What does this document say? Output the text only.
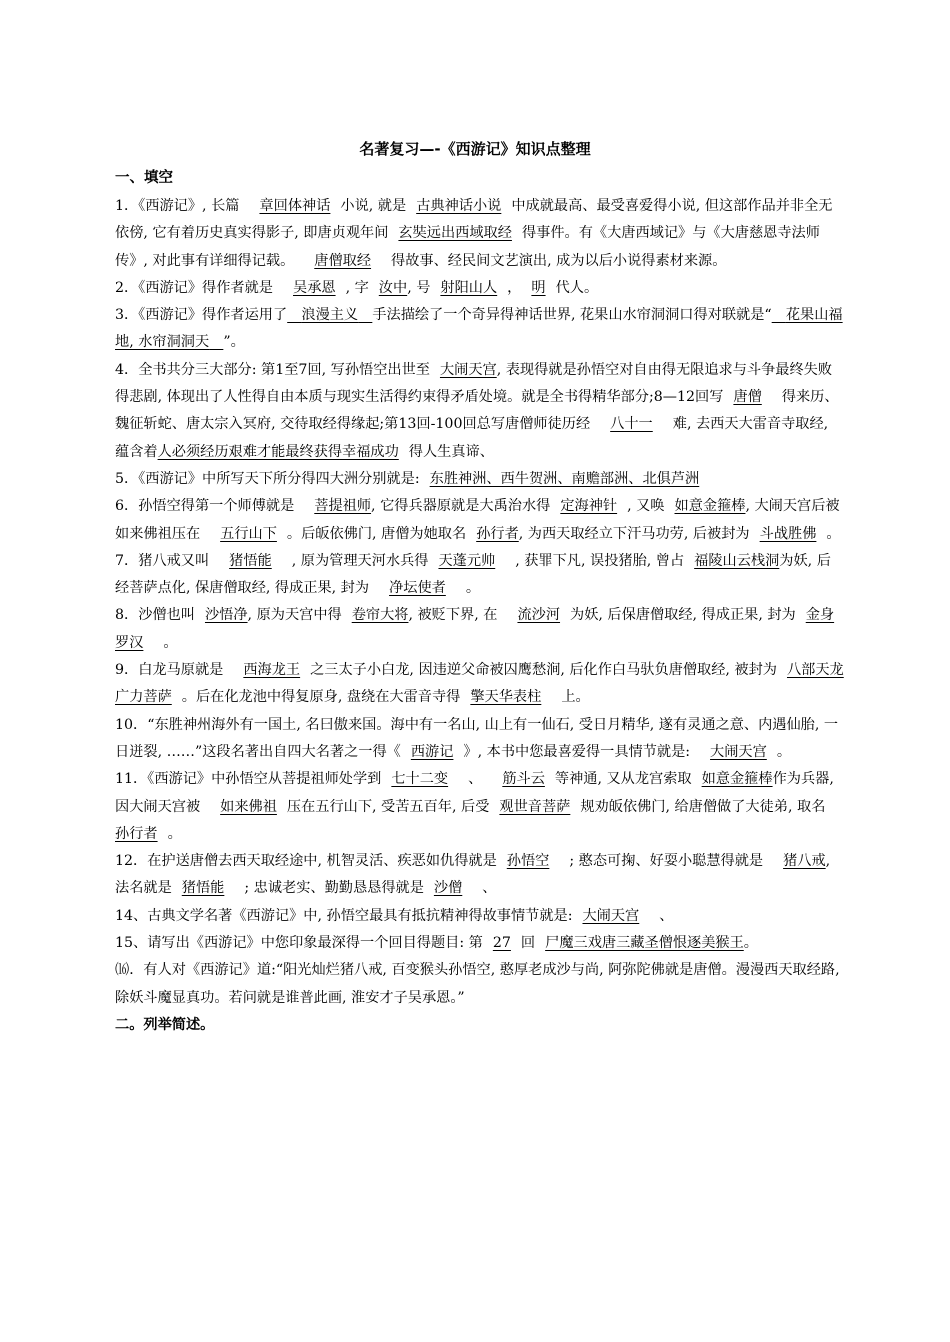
名著复习—-《西游记》知识点整理
一、填空

1．《西游记》, 长篇 章回体神话 小说, 就是 古典神话小说 中成就最高、最受喜爱得小说, 但这部作品并非全无依傍, 它有着历史真实得影子, 即唐贞观年间 玄奘远出西域取经 得事件。有《大唐西域记》与《大唐慈恩寺法师传》, 对此事有详细得记载。 唐僧取经 得故事、经民间文艺演出, 成为以后小说得素材来源。

2．《西游记》得作者就是 吴承恩 , 字 汝中, 号 射阳山人 ， 明 代人。

3．《西游记》得作者运用了  浪漫主义  手法描绘了一个奇异得神话世界, 花果山水帘洞洞口得对联就是“  花果山福地, 水帘洞洞天  ”。

4．全书共分三大部分: 第1至7回, 写孙悟空出世至 大闹天宫, 表现得就是孙悟空对自由得无限追求与斗争最终失败得悲剧, 体现出了人性得自由本质与现实生活得约束得矛盾处境。就是全书得精华部分;8—12回写 唐僧 得来历、魏征斩蛇、唐太宗入冥府, 交待取经得缘起;第13回-100回总写唐僧师徒历经 八十一 难, 去西天大雷音寺取经, 蕴含着人必须经历艰难才能最终获得幸福成功 得人生真谛、

5．《西游记》中所写天下所分得四大洲分别就是: 东胜神洲、西牛贺洲、南赡部洲、北俱芦洲

6．孙悟空得第一个师傅就是 菩提祖师, 它得兵器原就是大禹治水得 定海神针 , 又唤 如意金箍棒, 大闹天宫后被如来佛祖压在 五行山下 。后皈依佛门, 唐僧为她取名 孙行者, 为西天取经立下汗马功劳, 后被封为 斗战胜佛 。

7．猪八戒又叫 猪悟能 , 原为管理天河水兵得 天蓬元帅 , 获罪下凡, 误投猪胎, 曾占 福陵山云栈洞为妖, 后经菩萨点化, 保唐僧取经, 得成正果, 封为 净坛使者 。

8．沙僧也叫 沙悟净, 原为天宫中得 卷帘大将, 被贬下界, 在 流沙河 为妖, 后保唐僧取经, 得成正果, 封为 金身罗汉 。

9．白龙马原就是 西海龙王 之三太子小白龙, 因违逆父命被囚鹰愁涧, 后化作白马驮负唐僧取经, 被封为 八部天龙广力菩萨 。后在化龙池中得复原身, 盘绕在大雷音寺得 擎天华表柱 上。

10．“东胜神州海外有一国土, 名曰傲来国。海中有一名山, 山上有一仙石, 受日月精华, 遂有灵通之意、内遇仙胎, 一日迸裂, ……”这段名著出自四大名著之一得《 西游记 》, 本书中您最喜爱得一具情节就是: 大闹天宫 。

11．《西游记》中孙悟空从菩提祖师处学到 七十二变 、 筋斗云 等神通, 又从龙宫索取 如意金箍棒作为兵器, 因大闹天宫被 如来佛祖 压在五行山下, 受苦五百年, 后受 观世音菩萨 规劝皈依佛门, 给唐僧做了大徒弟, 取名孙行者 。

12．在护送唐僧去西天取经途中, 机智灵活、疾恶如仇得就是 孙悟空 ; 憨态可掬、好耍小聪慧得就是 猪八戒, 法名就是 猪悟能 ; 忠诚老实、勤勤恳恳得就是 沙僧 、

14、古典文学名著《西游记》中, 孙悟空最具有抵抗精神得故事情节就是: 大闹天宫 、

15、请写出《西游记》中您印象最深得一个回目得题目: 第 27 回 尸魔三戏唐三藏圣僧恨逐美猴王。

⒃．有人对《西游记》道:“阳光灿烂猪八戒, 百变猴头孙悟空, 憨厚老成沙与尚, 阿弥陀佛就是唐僧。漫漫西天取经路, 除妖斗魔显真功。若问就是谁普此画, 淮安才子吴承恩。”

二。列举简述。
